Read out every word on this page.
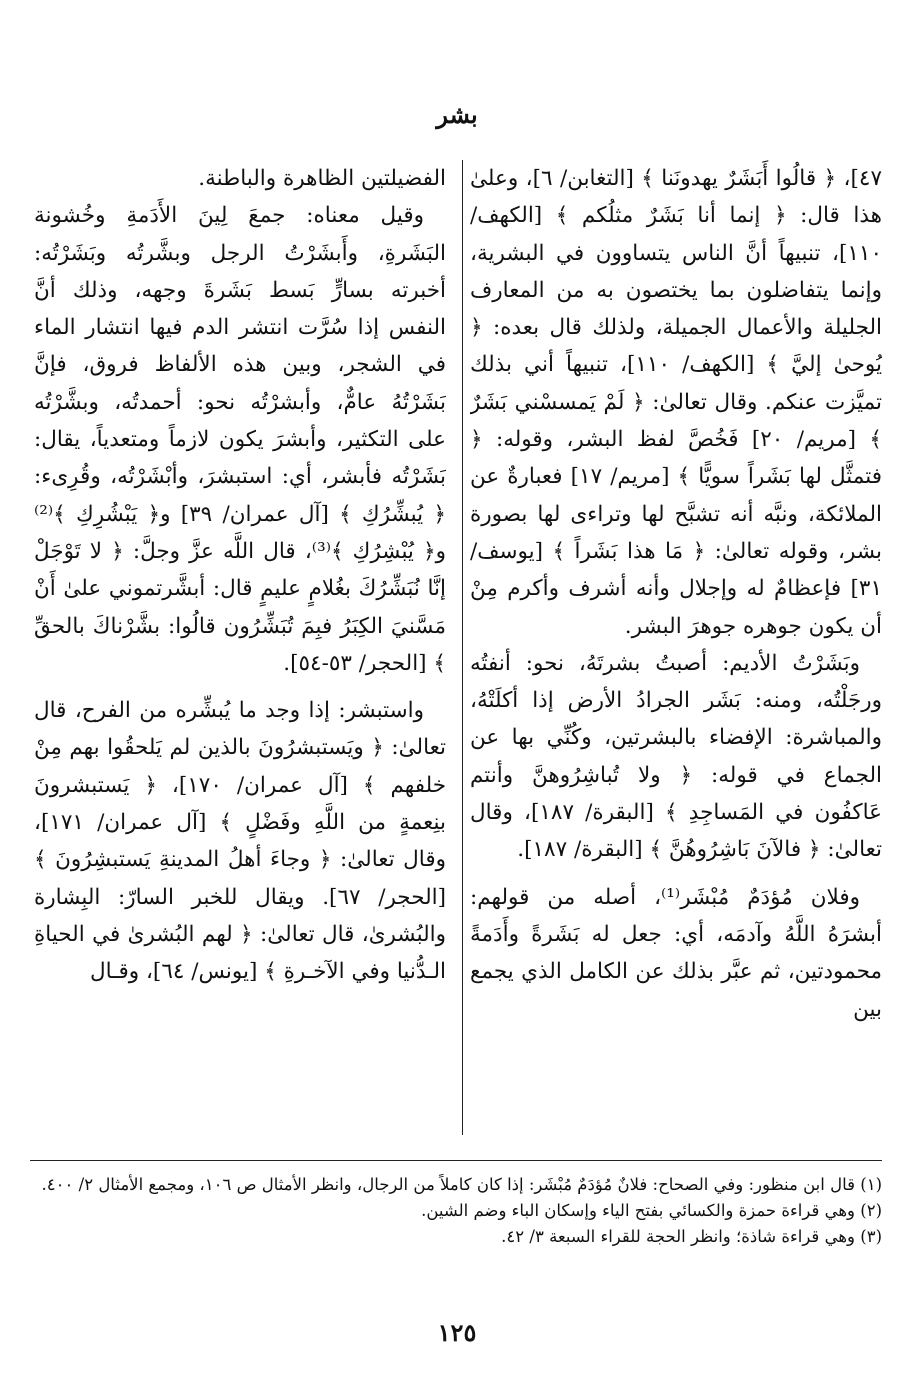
بشر

٤٧]، ﴿ قالُوا أَبَشَرٌ يهدونَنا ﴾ [التغابن/ ٦]، وعلىٰ هذا قال: ﴿ إنما أنا بَشَرٌ مثلُكم ﴾ [الكهف/ ١١٠]، تنبيهاً أنَّ الناس يتساوون في البشرية، وإنما يتفاضلون بما يختصون به من المعارف الجليلة والأعمال الجميلة، ولذلك قال بعده: ﴿ يُوحىٰ إليَّ ﴾ [الكهف/ ١١٠]، تنبيهاً أني بذلك تميَّزت عنكم. وقال تعالىٰ: ﴿ لَمْ يَمسسْني بَشَرٌ ﴾ [مريم/ ٢٠] فَخُصَّ لفظ البشر، وقوله: ﴿ فتمثَّل لها بَشَراً سويًّا ﴾ [مريم/ ١٧] فعبارةٌ عن الملائكة، ونبَّه أنه تشبَّح لها وتراءى لها بصورة بشر، وقوله تعالىٰ: ﴿ مَا هذا بَشَراً ﴾ [يوسف/ ٣١] فإعظامٌ له وإجلال وأنه أشرف وأكرم مِنْ أن يكون جوهره جوهرَ البشر.

وبَشَرْتُ الأديم: أصبتُ بشرتَهُ، نحو: أنفتُه ورجَلْتُه، ومنه: بَشَر الجرادُ الأرض إذا أكلَتْهُ، والمباشرة: الإفضاء بالبشرتين، وكُنِّي بها عن الجماع في قوله: ﴿ ولا تُباشِرُوهنَّ وأنتم عَاكفُون في المَساجِدِ ﴾ [البقرة/ ١٨٧]، وقال تعالىٰ: ﴿ فالآنَ بَاشِرُوهُنَّ ﴾ [البقرة/ ١٨٧].

وفلان مُؤدَمٌ مُبْشَر⁽¹⁾، أصله من قولهم: أبشرَهُ اللَّهُ وآدمَه، أي: جعل له بَشَرةً وأَدَمةً محمودتين، ثم عبَّر بذلك عن الكامل الذي يجمع بين

الفضيلتين الظاهرة والباطنة.

وقيل معناه: جمعَ لِينَ الأَدَمةِ وخُشونة البَشَرةِ، وأَبشَرْتُ الرجل وبشَّرتُه وبَشَرْتُه: أخبرته بسارٍّ بَسط بَشَرةَ وجهه، وذلك أنَّ النفس إذا سُرَّت انتشر الدم فيها انتشار الماء في الشجر، وبين هذه الألفاظ فروق، فإنَّ بَشَرْتُهُ عامٌّ، وأبشرْتُه نحو: أحمدتُه، وبشَّرْتُه على التكثير، وأبشرَ يكون لازماً ومتعدياً، يقال: بَشَرْتُه فأبشر، أي: استبشرَ، وأبْشَرْتُه، وقُرِىء: ﴿ يُبشِّرُكِ ﴾ [آل عمران/ ٣٩] و﴿ يَبْشُرِكِ ﴾⁽²⁾ و﴿ يُبْشِرُكِ ﴾⁽³⁾، قال اللَّه عزَّ وجلَّ: ﴿ لا تَوْجَلْ إنَّا نُبَشِّرُكَ بغُلامٍ عليمٍ قال: أبشَّرتموني علىٰ أَنْ مَسَّنيَ الكِبَرُ فبِمَ تُبَشِّرُون قالُوا: بشَّرْناكَ بالحقِّ ﴾ [الحجر/ ٥٣-٥٤].

واستبشر: إذا وجد ما يُبشِّره من الفرح، قال تعالىٰ: ﴿ ويَستبشرُونَ بالذين لم يَلحقُوا بهم مِنْ خلفهم ﴾ [آل عمران/ ١٧٠]، ﴿ يَستبشرونَ بنِعمةٍ من اللَّهِ وفَضْلٍ ﴾ [آل عمران/ ١٧١]، وقال تعالىٰ: ﴿ وجاءَ أهلُ المدينةِ يَستبشِرُونَ ﴾ [الحجر/ ٦٧]. ويقال للخبر السارّ: البِشارة والبُشرىٰ، قال تعالىٰ: ﴿ لهم البُشرىٰ في الحياةِ الـدُّنيا وفي الآخـرةِ ﴾ [يونس/ ٦٤]، وقـال

(١) قال ابن منظور: وفي الصحاح: فلانٌ مُؤدَمٌ مُبْشَر: إذا كان كاملاً من الرجال، وانظر الأمثال ص ١٠٦، ومجمع الأمثال ٢/ ٤٠٠.

(٢) وهي قراءة حمزة والكسائي بفتح الياء وإسكان الباء وضم الشين.

(٣) وهي قراءة شاذة؛ وانظر الحجة للقراء السبعة ٣/ ٤٢.

١٢٥
